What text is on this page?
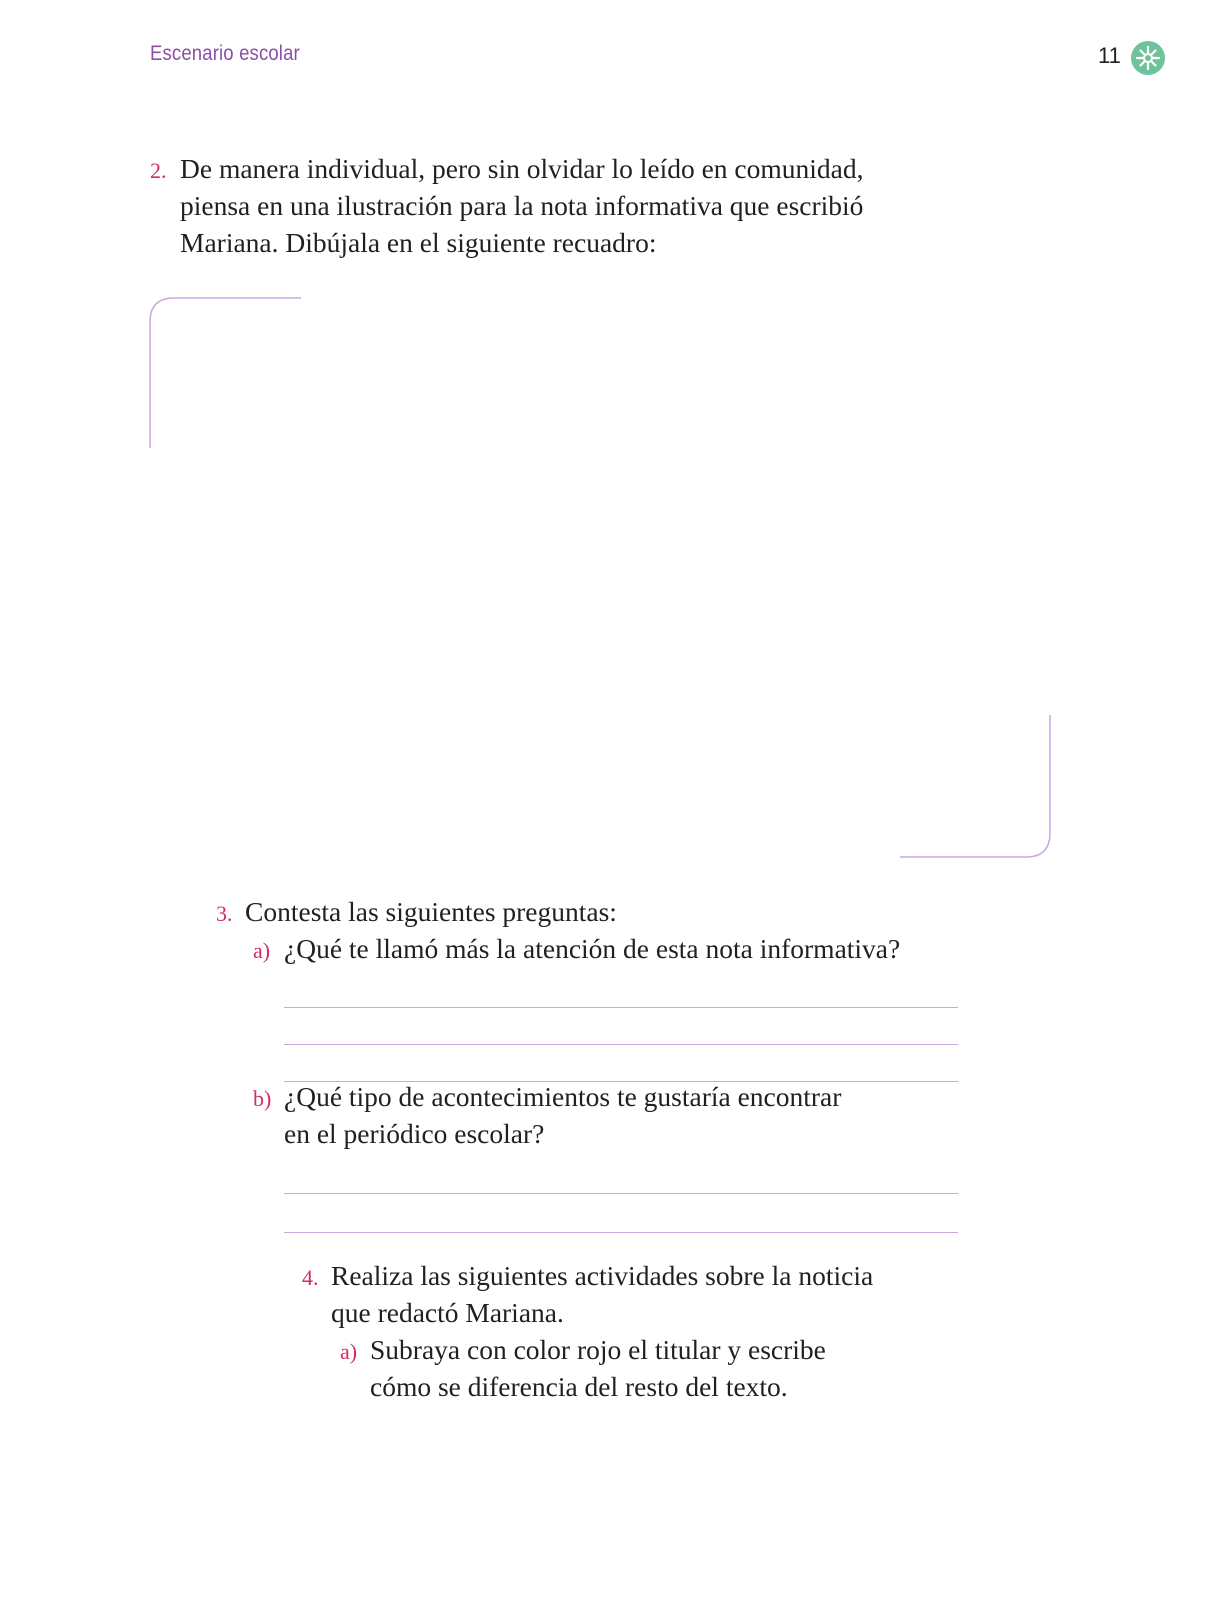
Escenario escolar	11
2. De manera individual, pero sin olvidar lo leído en comunidad,
piensa en una ilustración para la nota informativa que escribió
Mariana. Dibújala en el siguiente recuadro:
3. Contesta las siguientes preguntas:
a) ¿Qué te llamó más la atención de esta nota informativa?
b) ¿Qué tipo de acontecimientos te gustaría encontrar
en el periódico escolar?
4. Realiza las siguientes actividades sobre la noticia
que redactó Mariana.
a) Subraya con color rojo el titular y escribe
cómo se diferencia del resto del texto.
